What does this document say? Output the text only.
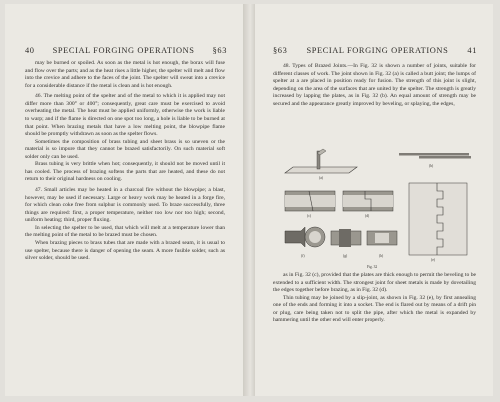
40 SPECIAL FORGING OPERATIONS §63

may be burned or spoiled. As soon as the metal is hot enough, the borax will fuse and flow over the parts; and as the heat rises a little higher, the spelter will melt and flow into the crevice and adhere to the faces of the joint. The spelter will sweat into a crevice for a considerable distance if the metal is clean and is hot enough.

46. The melting point of the spelter and of the metal to which it is applied may not differ more than 300° or 400°; consequently, great care must be exercised to avoid overheating the metal. The heat must be applied uniformly, otherwise the work is liable to warp; and if the flame is directed on one spot too long, a hole is liable to be burned at that point. When brazing metals that have a low melting point, the blowpipe flame should be promptly withdrawn as soon as the spelter flows.

Sometimes the composition of brass tubing and sheet brass is so uneven or the material is so impure that they cannot be brazed satisfactorily. On such material soft solder only can be used.

Brass tubing is very brittle when hot; consequently, it should not be moved until it has cooled. The process of brazing softens the parts that are heated, and these do not return to their original hardness on cooling.

47. Small articles may be heated in a charcoal fire without the blowpipe; a blast, however, may be used if necessary. Large or heavy work may be heated in a forge fire, for which clean coke free from sulphur is commonly used. To braze successfully, three things are required: first, a proper temperature, neither too low nor too high; second, uniform heating; third, proper fluxing.

In selecting the spelter to be used, that which will melt at a temperature lower than the melting point of the metal to be brazed must be chosen.

When brazing pieces to brass tubes that are made with a brazed seam, it is usual to use spelter, because there is danger of opening the seam. A more fusible solder, such as silver solder, should be used.

§63 SPECIAL FORGING OPERATIONS 41

48. Types of Brazed Joints.—In Fig. 32 is shown a number of joints, suitable for different classes of work. The joint shown in Fig. 32 (a) is called a butt joint; the lumps of spelter at a are placed in position ready for fusion. The strength of this joint is slight, depending on the area of the surfaces that are united by the spelter. The strength is greatly increased by lapping the plates, as in Fig. 32 (b). An equal amount of strength may be secured and the appearance greatly improved by beveling, or splaying, the edges,

(a)
(b)
(c)	(d)
(e)
(f)	(g)	(h)
Fig. 32

as in Fig. 32 (c), provided that the plates are thick enough to permit the beveling to be extended to a sufficient width. The strongest joint for sheet metals is made by dovetailing the edges together before brazing, as in Fig. 32 (d).

Thin tubing may be joined by a slip-joint, as shown in Fig. 32 (e), by first annealing one of the ends and forming it into a socket. The end is flared out by means of a drift pin or plug, care being taken not to split the pipe, after which the metal is expanded by hammering until the other end will enter properly.
